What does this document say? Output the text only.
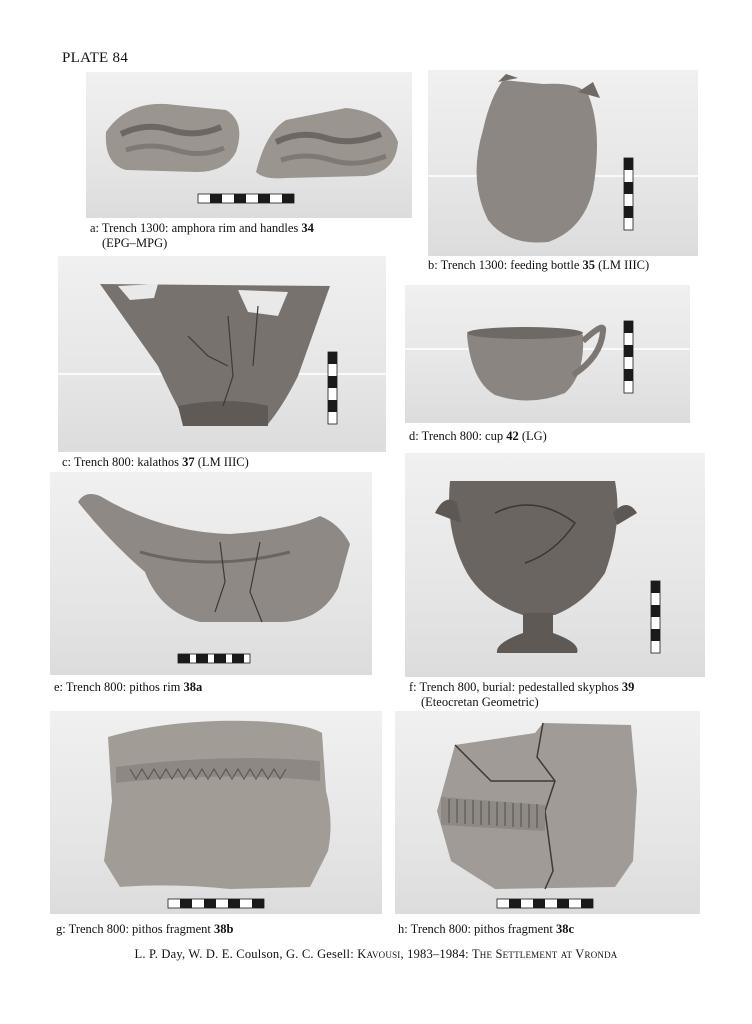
PLATE 84
a: Trench 1300: amphora rim and handles 34
(EPG–MPG)
b: Trench 1300: feeding bottle 35 (LM IIIC)
c: Trench 800: kalathos 37 (LM IIIC)
d: Trench 800: cup 42 (LG)
e: Trench 800: pithos rim 38a	f: Trench 800, burial: pedestalled skyphos 39
(Eteocretan Geometric)
g: Trench 800: pithos fragment 38b	h: Trench 800: pithos fragment 38c
L. P. Day, W. D. E. Coulson, G. C. Gesell: Kavousi, 1983–1984: The Settlement at Vronda
